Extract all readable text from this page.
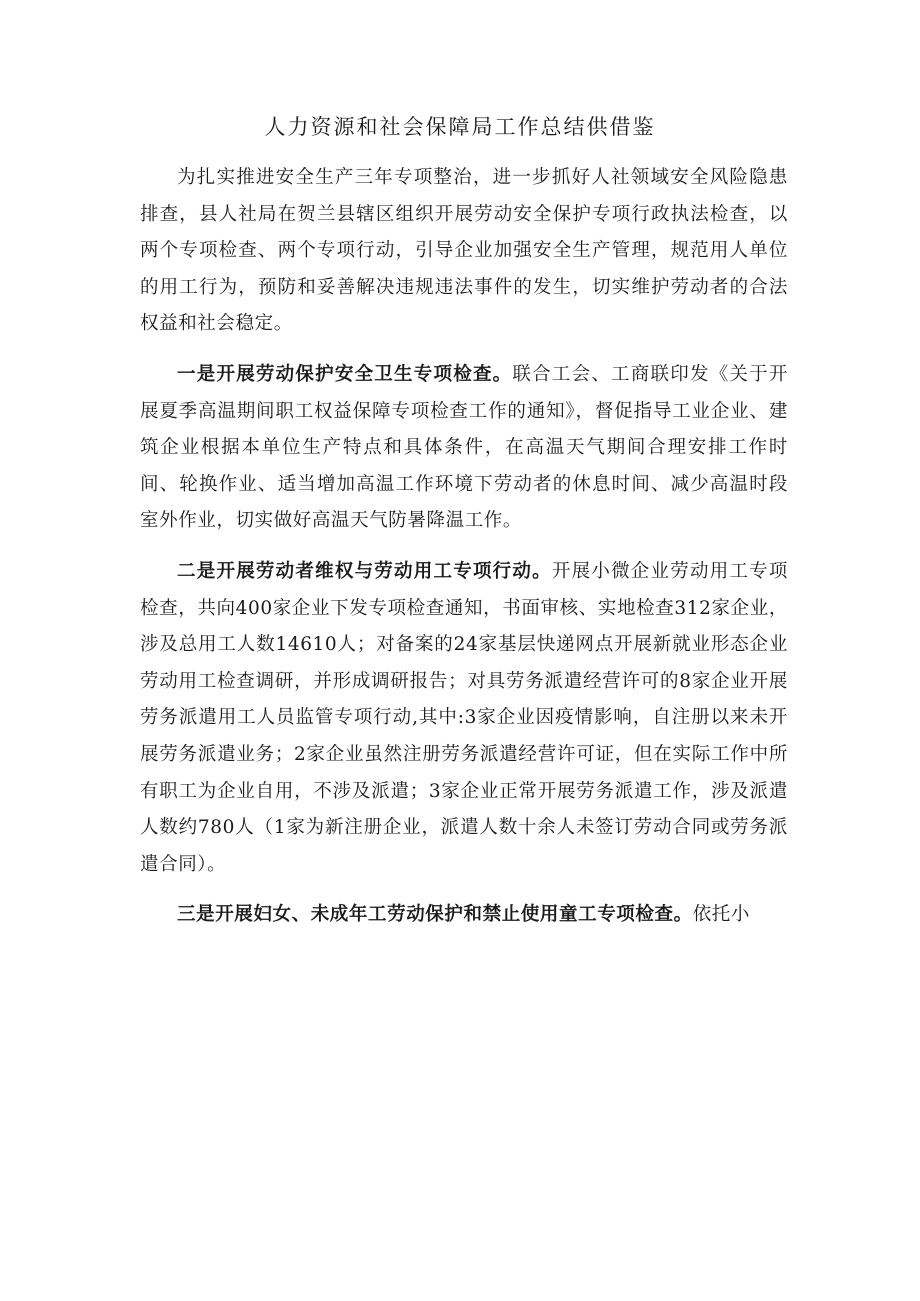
人力资源和社会保障局工作总结供借鉴

为扎实推进安全生产三年专项整治，进一步抓好人社领域安全风险隐患排查，县人社局在贺兰县辖区组织开展劳动安全保护专项行政执法检查，以两个专项检查、两个专项行动，引导企业加强安全生产管理，规范用人单位的用工行为，预防和妥善解决违规违法事件的发生，切实维护劳动者的合法权益和社会稳定。

一是开展劳动保护安全卫生专项检查。联合工会、工商联印发《关于开展夏季高温期间职工权益保障专项检查工作的通知》，督促指导工业企业、建筑企业根据本单位生产特点和具体条件，在高温天气期间合理安排工作时间、轮换作业、适当增加高温工作环境下劳动者的休息时间、减少高温时段室外作业，切实做好高温天气防暑降温工作。

二是开展劳动者维权与劳动用工专项行动。开展小微企业劳动用工专项检查，共向400家企业下发专项检查通知，书面审核、实地检查312家企业，涉及总用工人数14610人；对备案的24家基层快递网点开展新就业形态企业劳动用工检查调研，并形成调研报告；对具劳务派遣经营许可的8家企业开展劳务派遣用工人员监管专项行动,其中:3家企业因疫情影响，自注册以来未开展劳务派遣业务；2家企业虽然注册劳务派遣经营许可证，但在实际工作中所有职工为企业自用，不涉及派遣；3家企业正常开展劳务派遣工作，涉及派遣人数约780人（1家为新注册企业，派遣人数十余人未签订劳动合同或劳务派遣合同）。

三是开展妇女、未成年工劳动保护和禁止使用童工专项检查。依托小
